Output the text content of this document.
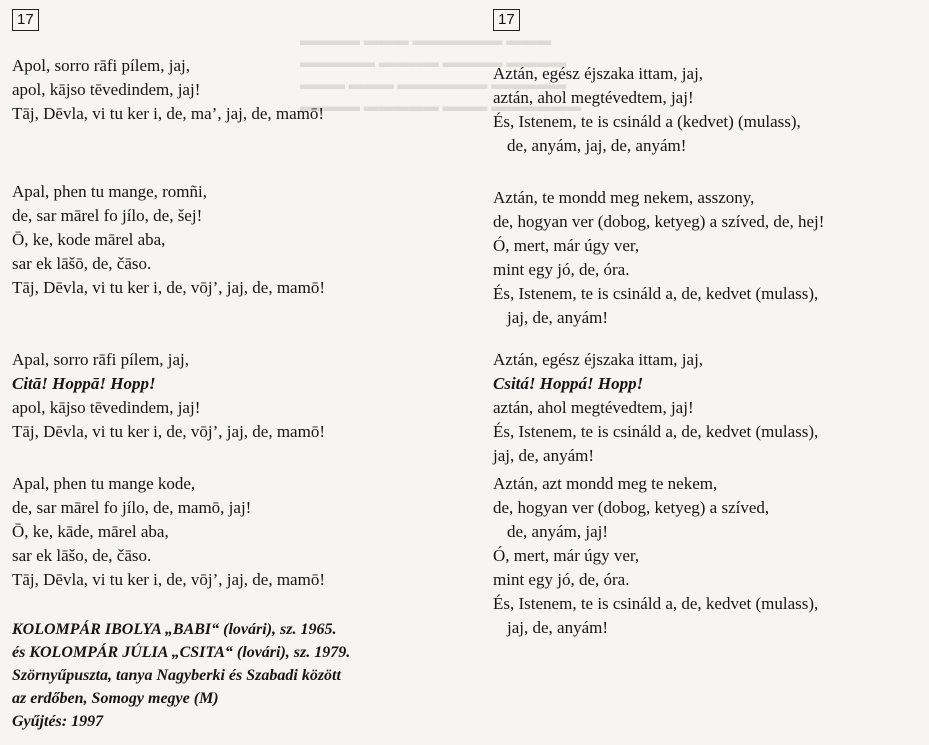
▬▬▬▬ ▬▬▬ ▬▬▬▬▬▬ ▬▬▬
▬▬▬▬▬ ▬▬▬▬ ▬▬▬▬ ▬▬▬▬
▬▬▬ ▬▬▬ ▬▬▬▬▬▬ ▬▬▬▬▬
▬▬▬▬ ▬▬▬▬▬ ▬▬▬ ▬▬▬▬▬▬
17
Apol, sorro rāfi pílem, jaj,
apol, kājso tēvedindem, jaj!
Tāj, Dēvla, vi tu ker i, de, ma’, jaj, de, mamō!
Apal, phen tu mange, romñi,
de, sar mārel fo jílo, de, šej!
Ō, ke, kode mārel aba,
sar ek lāšō, de, čāso.
Tāj, Dēvla, vi tu ker i, de, vōj’, jaj, de, mamō!
Apal, sorro rāfi pílem, jaj,
Citā! Hoppā! Hopp!
apol, kājso tēvedindem, jaj!
Tāj, Dēvla, vi tu ker i, de, vōj’, jaj, de, mamō!
Apal, phen tu mange kode,
de, sar mārel fo jílo, de, mamō, jaj!
Ō, ke, kāde, mārel aba,
sar ek lāšo, de, čāso.
Tāj, Dēvla, vi tu ker i, de, vōj’, jaj, de, mamō!
KOLOMPÁR IBOLYA „BABI“ (lovári), sz. 1965.
és KOLOMPÁR JÚLIA „CSITA“ (lovári), sz. 1979.
Szörnyűpuszta, tanya Nagyberki és Szabadi között
az erdőben, Somogy megye (M)
Gyűjtés: 1997
17
Aztán, egész éjszaka ittam, jaj,
aztán, ahol megtévedtem, jaj!
És, Istenem, te is csináld a (kedvet) (mulass),
de, anyám, jaj, de, anyám!
Aztán, te mondd meg nekem, asszony,
de, hogyan ver (dobog, ketyeg) a szíved, de, hej!
Ó, mert, már úgy ver,
mint egy jó, de, óra.
És, Istenem, te is csináld a, de, kedvet (mulass),
jaj, de, anyám!
Aztán, egész éjszaka ittam, jaj,
Csitá! Hoppá! Hopp!
aztán, ahol megtévedtem, jaj!
És, Istenem, te is csináld a, de, kedvet (mulass),
jaj, de, anyám!
Aztán, azt mondd meg te nekem,
de, hogyan ver (dobog, ketyeg) a szíved,
de, anyám, jaj!
Ó, mert, már úgy ver,
mint egy jó, de, óra.
És, Istenem, te is csináld a, de, kedvet (mulass),
jaj, de, anyám!
